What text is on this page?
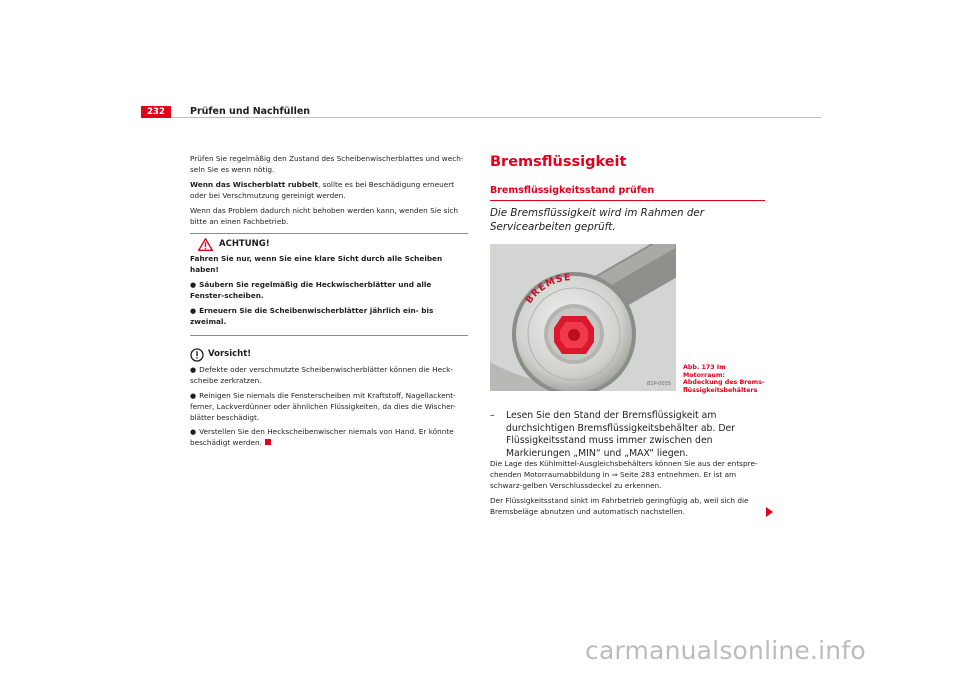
232	Prüfen und Nachfüllen

Prüfen Sie regelmäßig den Zustand des Scheibenwischerblattes und wech-seln Sie es wenn nötig.

Wenn das Wischerblatt rubbelt, sollte es bei Beschädigung erneuert oder bei Verschmutzung gereinigt werden.

Wenn das Problem dadurch nicht behoben werden kann, wenden Sie sich bitte an einen Fachbetrieb.

ACHTUNG!

Fahren Sie nur, wenn Sie eine klare Sicht durch alle Scheiben haben!

● Säubern Sie regelmäßig die Heckwischerblätter und alle Fenster-scheiben.

● Erneuern Sie die Scheibenwischerblätter jährlich ein- bis zweimal.

Vorsicht!

● Defekte oder verschmutzte Scheibenwischerblätter können die Heck-scheibe zerkratzen.

● Reinigen Sie niemals die Fensterscheiben mit Kraftstoff, Nagellackent-ferner, Lackverdünner oder ähnlichen Flüssigkeiten, da dies die Wischer-blätter beschädigt.

● Verstellen Sie den Heckscheibenwischer niemals von Hand. Er könnte beschädigt werden.

Bremsflüssigkeit
Bremsflüssigkeitsstand prüfen
Die Bremsflüssigkeit wird im Rahmen der Servicearbeiten geprüft.
BREMSE
B1P-0035
Abb. 173 Im Motorraum:
Abdeckung des Brems-
flüssigkeitsbehälters
– Lesen Sie den Stand der Bremsflüssigkeit am durchsichtigen Bremsflüssigkeitsbehälter ab. Der Flüssigkeitsstand muss immer zwischen den Markierungen „MIN“ und „MAX“ liegen.

Die Lage des Kühlmittel-Ausgleichsbehälters können Sie aus der entspre-chenden Motorraumabbildung in ⇒ Seite 283 entnehmen. Er ist am schwarz-gelben Verschlussdeckel zu erkennen.

Der Flüssigkeitsstand sinkt im Fahrbetrieb geringfügig ab, weil sich die Bremsbeläge abnutzen und automatisch nachstellen.

carmanualsonline.info
